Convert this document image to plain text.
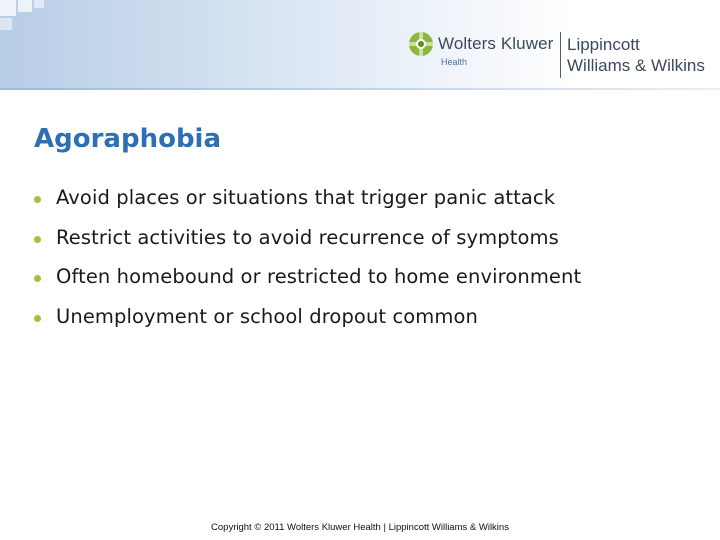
Wolters Kluwer
Health
Lippincott
Williams & Wilkins
Agoraphobia
Avoid places or situations that trigger panic attack
Restrict activities to avoid recurrence of symptoms
Often homebound or restricted to home environment
Unemployment or school dropout common
Copyright © 2011 Wolters Kluwer Health | Lippincott Williams & Wilkins
